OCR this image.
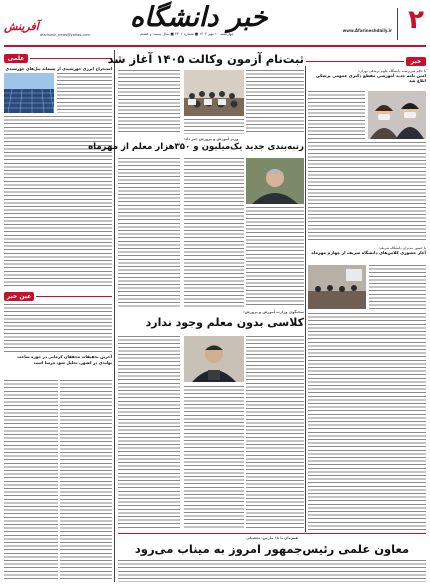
۲
www.Afarineshdaily.ir
خبر دانشگاه
چهارشنبه ۱۰ مهر ۱۴۰۳ ■ شماره ۳۴۰۶ ■ سال بیست و هشتم
afarinesh_news@yahoo.com
آفرينش
خبر
علمی
استخراج انرژی خورشیدی از پسماند پنل‌های خورشیدی
عین خبر
آخرین تحقیقات محققان کرمانی در حوزه ساخت تولیدی در کشور، تحلیل شود مرسا است
ثبت‌نام آزمون وکالت ۱۴۰۵ آغاز شد
وزیر آموزش و پرورش خبر داد:
رتبه‌بندی جدید یک‌میلیون و ۳۵۰هزار معلم از مهرماه
سخنگوی وزارت آموزش و پرورش:
کلاسی بدون معلم وجود ندارد
با حکم سرپرست دانشگاه علوم پزشکی تهران:
امین نامه جدید آموزشی مقطع دکتری عمومی پزشکی ابلاغ شد
با حضور مدیران دانشگاه شریف:
آغاز حضوری کلاس‌های دانشگاه شریف از چهارم مهرماه
همزمان با ۱۸ مارس، تحصیلی
معاون علمی رئیس‌جمهور امروز به میناب می‌رود
